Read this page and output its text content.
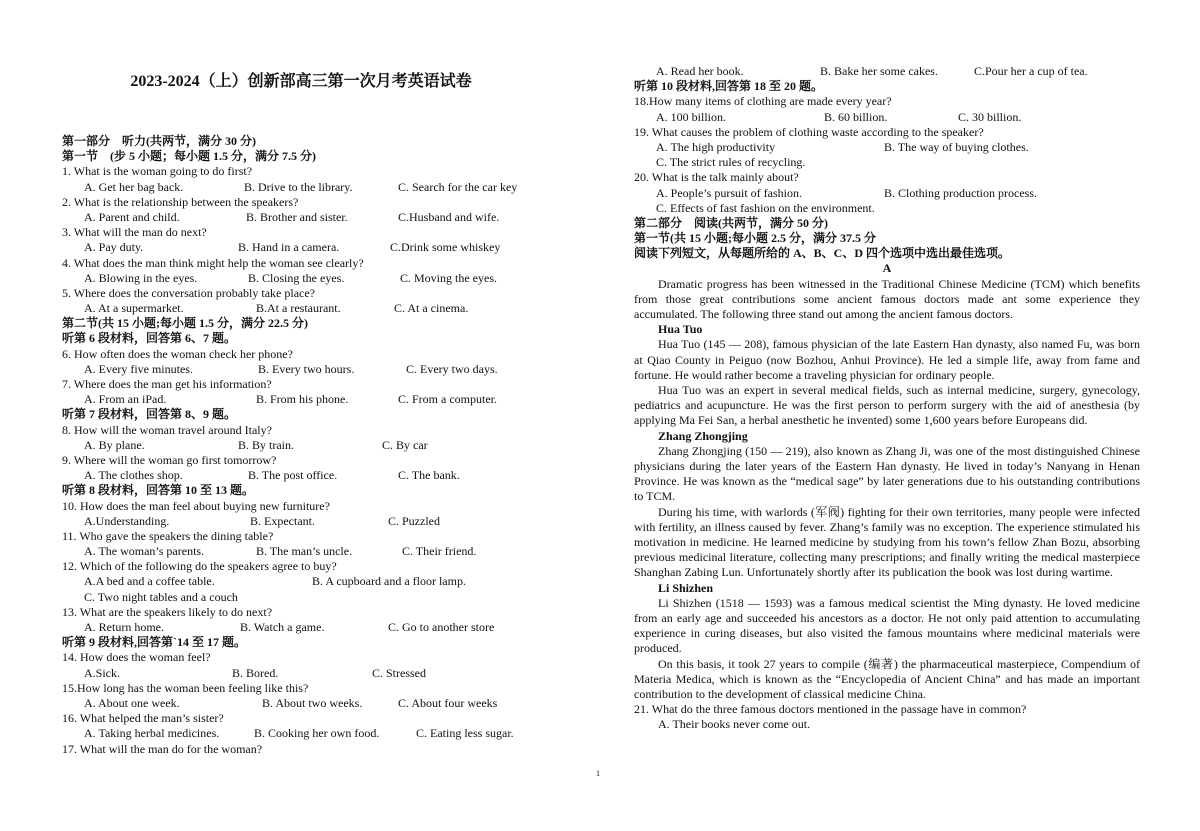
2023-2024（上）创新部高三第一次月考英语试卷
第一部分　听力(共两节，满分 30 分)
第一节　(步 5 小题；每小题 1.5 分，满分 7.5 分)
1. What is the woman going to do first?
A. Get her bag back.	B. Drive to the library.	C. Search for the car key
2. What is the relationship between the speakers?
A. Parent and child.	B. Brother and sister.	C.Husband and wife.
3. What will the man do next?
A. Pay duty.	B. Hand in a camera.	C.Drink some whiskey
4. What does the man think might help the woman see clearly?
A. Blowing in the eyes.	B. Closing the eyes.	C. Moving the eyes.
5. Where does the conversation probably take place?
A. At a supermarket.	B.At a restaurant.	C. At a cinema.
第二节(共 15 小题;每小题 1.5 分，满分 22.5 分)
听第 6 段材料，回答第 6、7 题。
6. How often does the woman check her phone?
A. Every five minutes.	B. Every two hours.	C. Every two days.
7. Where does the man get his information?
A. From an iPad.	B. From his phone.	C. From a computer.
听第 7 段材料，回答第 8、9 题。
8. How will the woman travel around Italy?
A. By plane.	B. By train.	C. By car
9. Where will the woman go first tomorrow?
A. The clothes shop.	B. The post office.	C. The bank.
听第 8 段材料，回答第 10 至 13 题。
10. How does the man feel about buying new furniture?
A.Understanding.	B. Expectant.	C. Puzzled
11. Who gave the speakers the dining table?
A. The woman’s parents.	B. The man’s uncle.	C. Their friend.
12. Which of the following do the speakers agree to buy?
A.A bed and a coffee table.	B. A cupboard and a floor lamp.
　C. Two night tables and a couch
13. What are the speakers likely to do next?
A. Return home.	B. Watch a game.	C. Go to another store
听第 9 段材料,回答第`14 至 17 题。
14. How does the woman feel?
A.Sick.	B. Bored.	C. Stressed
15.How long has the woman been feeling like this?
A. About one week.	B. About two weeks.	C. About four weeks
16. What helped the man’s sister?
A. Taking herbal medicines.	B. Cooking her own food.	C. Eating less sugar.
17. What will the man do for the woman?
A. Read her book.	B. Bake her some cakes.	C.Pour her a cup of tea.
听第 10 段材料,回答第 18 至 20 题。
18.How many items of clothing are made every year?
A. 100 billion.	B. 60 billion.	C. 30 billion.
19. What causes the problem of clothing waste according to the speaker?
A. The high productivity	B. The way of buying clothes.
　C. The strict rules of recycling.
20. What is the talk mainly about?
A. People’s pursuit of fashion.	B. Clothing production process.
　C. Effects of fast fashion on the environment.
第二部分　阅读(共两节，满分 50 分)
第一节(共 15 小题;每小题 2.5 分，满分 37.5 分
阅读下列短文，从每题所给的 A、B、C、D 四个选项中选出最佳选项。
A

Dramatic progress has been witnessed in the Traditional Chinese Medicine (TCM) which benefits from those great contributions some ancient famous doctors made ant some experience they accumulated. The following three stand out among the ancient famous doctors.

Hua Tuo

Hua Tuo (145 — 208), famous physician of the late Eastern Han dynasty, also named Fu, was born at Qiao County in Peiguo (now Bozhou, Anhui Province). He led a simple life, away from fame and fortune. He would rather become a traveling physician for ordinary people.

Hua Tuo was an expert in several medical fields, such as internal medicine, surgery, gynecology, pediatrics and acupuncture. He was the first person to perform surgery with the aid of anesthesia (by applying Ma Fei San, a herbal anesthetic he invented) some 1,600 years before Europeans did.

Zhang Zhongjing

Zhang Zhongjing (150 — 219), also known as Zhang Ji, was one of the most distinguished Chinese physicians during the later years of the Eastern Han dynasty. He lived in today’s Nanyang in Henan Province. He was known as the “medical sage” by later generations due to his outstanding contributions to TCM.

During his time, with warlords (军阀) fighting for their own territories, many people were infected with fertility, an illness caused by fever. Zhang’s family was no exception. The experience stimulated his motivation in medicine. He learned medicine by studying from his town’s fellow Zhan Bozu, absorbing previous medicinal literature, collecting many prescriptions; and finally writing the medical masterpiece Shanghan Zabing Lun. Unfortunately shortly after its publication the book was lost during wartime.

Li Shizhen

Li Shizhen (1518 — 1593) was a famous medical scientist the Ming dynasty. He loved medicine from an early age and succeeded his ancestors as a doctor. He not only paid attention to accumulating experience in curing diseases, but also visited the famous mountains where medicinal materials were produced.

On this basis, it took 27 years to compile (编著) the pharmaceutical masterpiece, Compendium of Materia Medica, which is known as the “Encyclopedia of Ancient China” and has made an important contribution to the development of classical medicine China.

21. What do the three famous doctors mentioned in the passage have in common?
A. Their books never come out.
1
